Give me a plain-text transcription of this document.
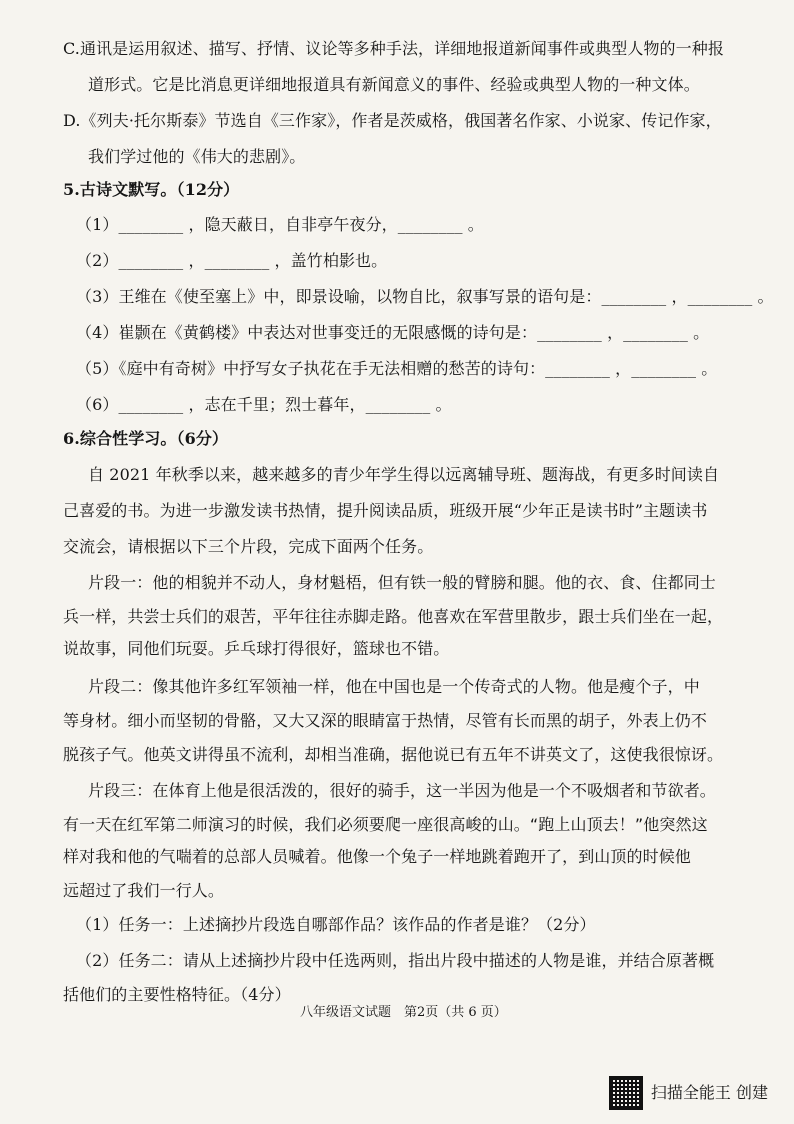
C.通讯是运用叙述、描写、抒情、议论等多种手法，详细地报道新闻事件或典型人物的一种报
道形式。它是比消息更详细地报道具有新闻意义的事件、经验或典型人物的一种文体。
D.《列夫·托尔斯泰》节选自《三作家》，作者是茨威格，俄国著名作家、小说家、传记作家，
我们学过他的《伟大的悲剧》。
5.古诗文默写。（12分）
（1）________ ，隐天蔽日，自非亭午夜分，________ 。
（2）________ ，________ ，盖竹柏影也。
（3）王维在《使至塞上》中，即景设喻，以物自比，叙事写景的语句是：________ ，________ 。
（4）崔颢在《黄鹤楼》中表达对世事变迁的无限感慨的诗句是：________ ，________ 。
（5）《庭中有奇树》中抒写女子执花在手无法相赠的愁苦的诗句：________ ，________ 。
（6）________ ，志在千里；烈士暮年，________ 。
6.综合性学习。（6分）
自 2021 年秋季以来，越来越多的青少年学生得以远离辅导班、题海战，有更多时间读自
己喜爱的书。为进一步激发读书热情，提升阅读品质，班级开展“少年正是读书时”主题读书
交流会，请根据以下三个片段，完成下面两个任务。
片段一：他的相貌并不动人，身材魁梧，但有铁一般的臂膀和腿。他的衣、食、住都同士
兵一样，共尝士兵们的艰苦，平年往往赤脚走路。他喜欢在军营里散步，跟士兵们坐在一起，
说故事，同他们玩耍。乒乓球打得很好，篮球也不错。
片段二：像其他许多红军领袖一样，他在中国也是一个传奇式的人物。他是瘦个子，中
等身材。细小而坚韧的骨骼，又大又深的眼睛富于热情，尽管有长而黑的胡子，外表上仍不
脱孩子气。他英文讲得虽不流利，却相当准确，据他说已有五年不讲英文了，这使我很惊讶。
片段三：在体育上他是很活泼的，很好的骑手，这一半因为他是一个不吸烟者和节欲者。
有一天在红军第二师演习的时候，我们必须要爬一座很高峻的山。“跑上山顶去！”他突然这
样对我和他的气喘着的总部人员喊着。他像一个兔子一样地跳着跑开了，到山顶的时候他
远超过了我们一行人。
（1）任务一：上述摘抄片段选自哪部作品？该作品的作者是谁？（2分）
（2）任务二：请从上述摘抄片段中任选两则，指出片段中描述的人物是谁，并结合原著概
括他们的主要性格特征。（4分）
八年级语文试题　第2页（共 6 页）
扫描全能王 创建
